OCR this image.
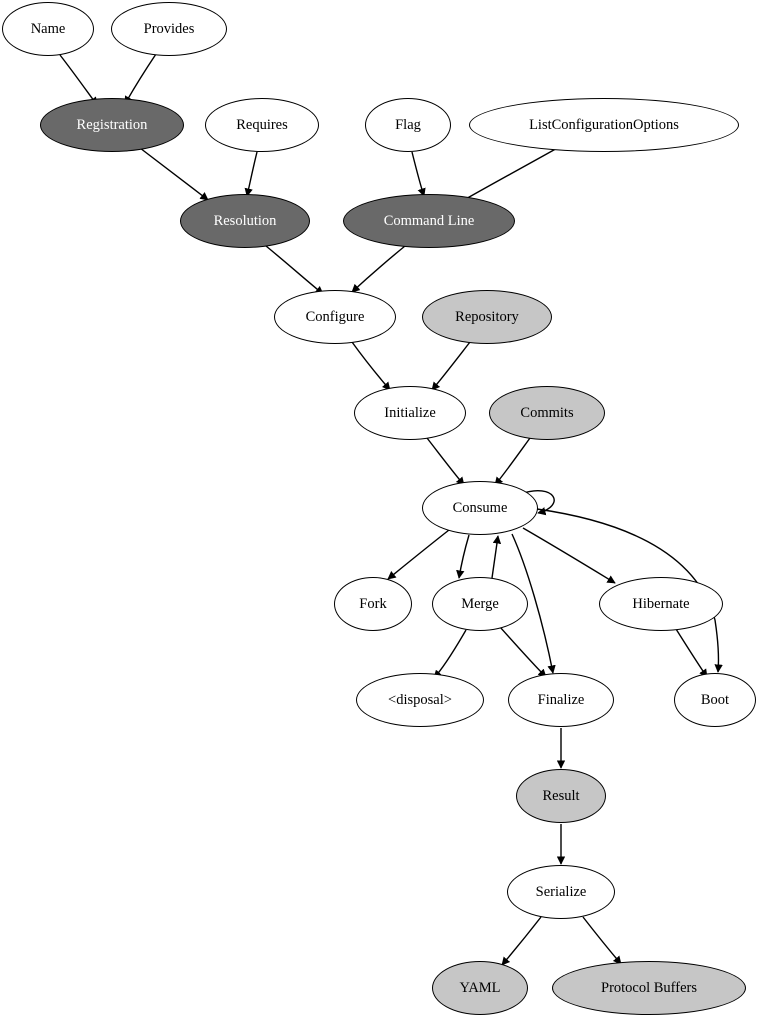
Name	Provides
Registration	Requires	Flag	ListConfigurationOptions
Resolution	Command Line
Configure	Repository
Initialize	Commits
Consume
Fork	Merge	Hibernate
<disposal>	Finalize	Boot
Result
Serialize
YAML	Protocol Buffers
